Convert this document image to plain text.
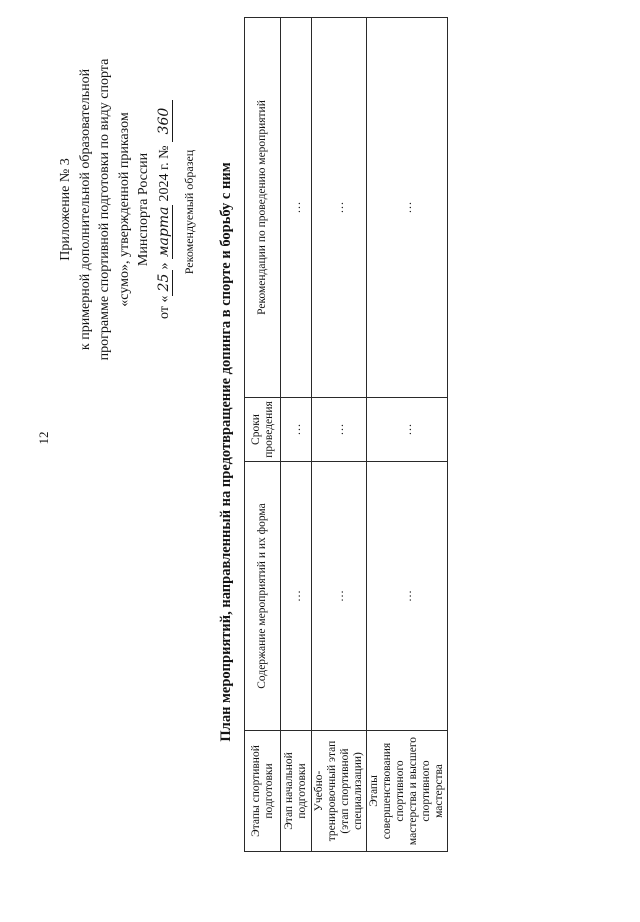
12
Приложение № 3 к примерной дополнительной образовательной программе спортивной подготовки по виду спорта «сумо», утвержденной приказом Минспорта России
от «25» марта 2024 г. № 360
Рекомендуемый образец План мероприятий, направленный на предотвращение допинга в спорте и борьбу с ним
Этапы спортивной подготовки	Содержание мероприятий и их форма	Сроки проведения	Рекомендации по проведению мероприятий
Этап начальной подготовки	…	…	…
Учебно-тренировочный этап (этап спортивной специализации)	…	…	…
Этапы совершенствования спортивного мастерства и высшего спортивного мастерства	…	…	…
